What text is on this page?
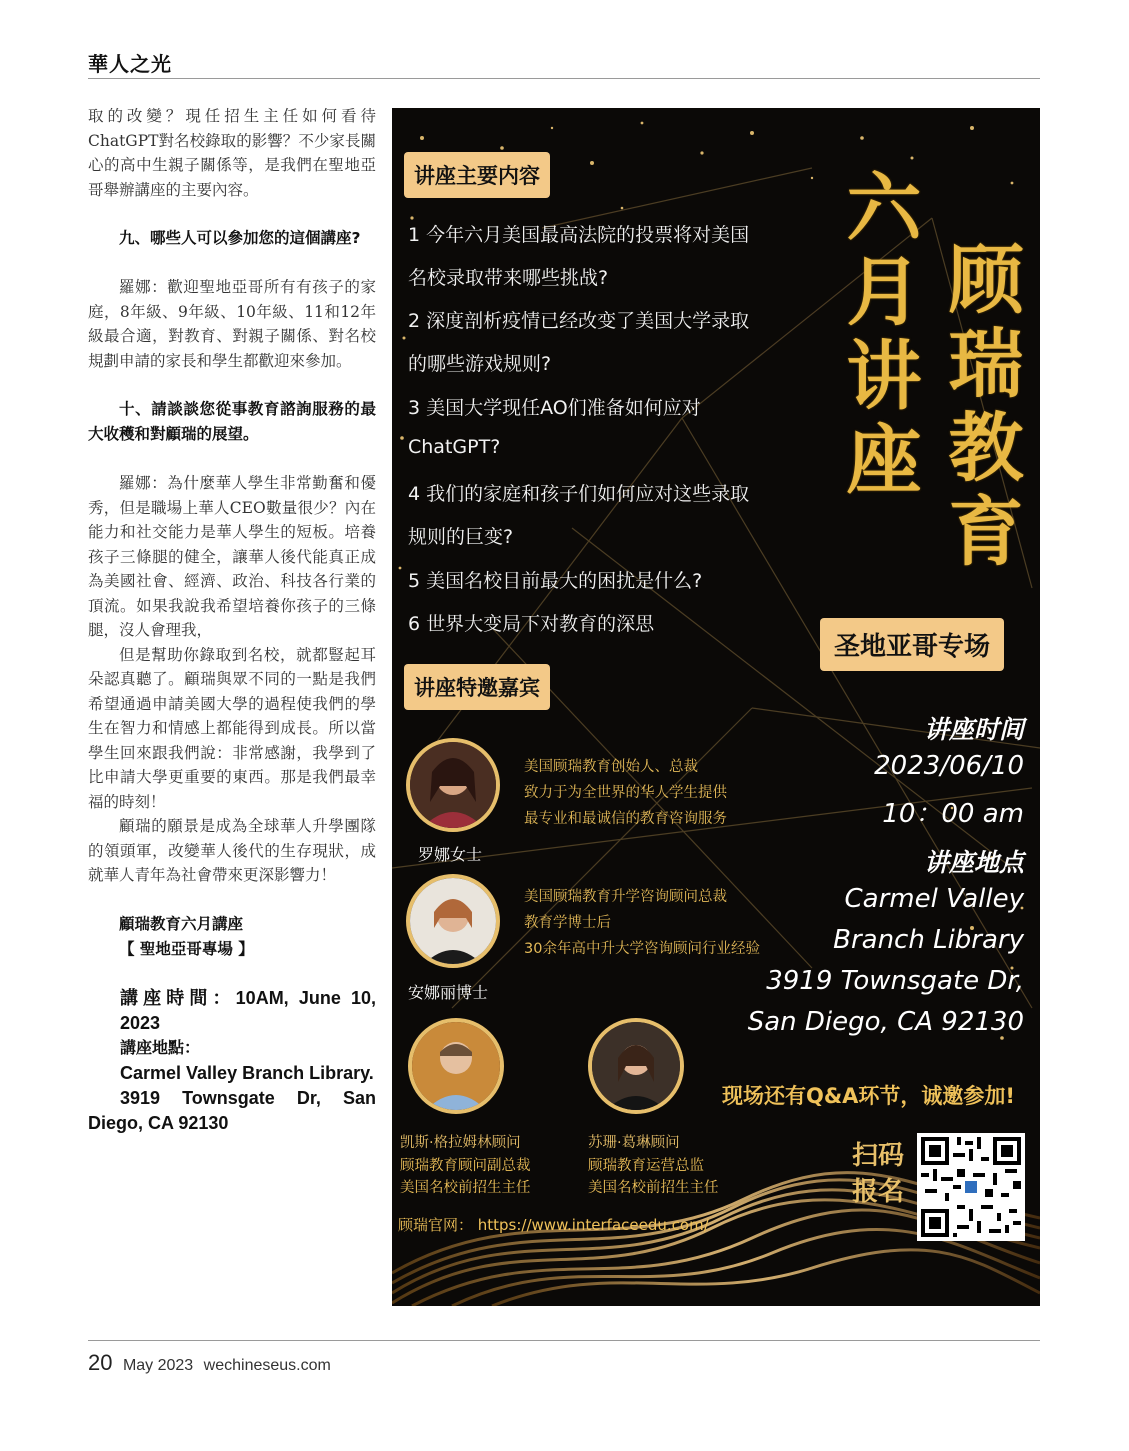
華人之光

取的改變？現任招生主任如何看待ChatGPT對名校錄取的影響？不少家長關心的高中生親子關係等，是我們在聖地亞哥舉辦講座的主要內容。

九、哪些人可以參加您的這個講座?

羅娜：歡迎聖地亞哥所有有孩子的家庭，8年級、9年級、10年級、11和12年級最合適，對教育、對親子關係、對名校規劃申請的家長和學生都歡迎來參加。

十、請談談您從事教育諮詢服務的最大收穫和對顧瑞的展望。

羅娜：為什麼華人學生非常勤奮和優秀，但是職場上華人CEO數量很少？內在能力和社交能力是華人學生的短板。培養孩子三條腿的健全，讓華人後代能真正成為美國社會、經濟、政治、科技各行業的頂流。如果我說我希望培養你孩子的三條腿，沒人會理我，

但是幫助你錄取到名校，就都豎起耳朵認真聽了。顧瑞與眾不同的一點是我們希望通過申請美國大學的過程使我們的學生在智力和情感上都能得到成長。所以當學生回來跟我們說：非常感謝，我學到了比申請大學更重要的東西。那是我們最幸福的時刻！

顧瑞的願景是成為全球華人升學團隊的領頭軍，改變華人後代的生存現狀，成就華人青年為社會帶來更深影響力！

顧瑞教育六月講座

【 聖地亞哥專場 】

講座時間：10AM, June 10, 2023

講座地點：

Carmel Valley Branch Library.

3919 Townsgate Dr, San Diego, CA 92130

讲座主要内容
1 今年六月美国最高法院的投票将对美国
名校录取带来哪些挑战?
2 深度剖析疫情已经改变了美国大学录取
的哪些游戏规则?
3 美国大学现任AO们准备如何应对
ChatGPT?
4 我们的家庭和孩子们如何应对这些录取
规则的巨变?
5 美国名校目前最大的困扰是什么?
6 世界大变局下对教育的深思
六
月
讲
座
顾
瑞
教
育
圣地亚哥专场
讲座特邀嘉宾
讲座时间
2023/06/10
10：00 am
讲座地点
Carmel Valley
Branch Library
3919 Townsgate Dr,
San Diego, CA 92130
罗娜女士
美国顾瑞教育创始人、总裁
致力于为全世界的华人学生提供
最专业和最诚信的教育咨询服务
安娜丽博士
美国顾瑞教育升学咨询顾问总裁
教育学博士后
30余年高中升大学咨询顾问行业经验
凯斯·格拉姆林顾问
顾瑞教育顾问副总裁
美国名校前招生主任
苏珊·葛琳顾问
顾瑞教育运营总监
美国名校前招生主任
现场还有Q&A环节，诚邀参加!
扫码
报名
顾瑞官网： https://www.interfaceedu.com/
20 May 2023 wechineseus.com
